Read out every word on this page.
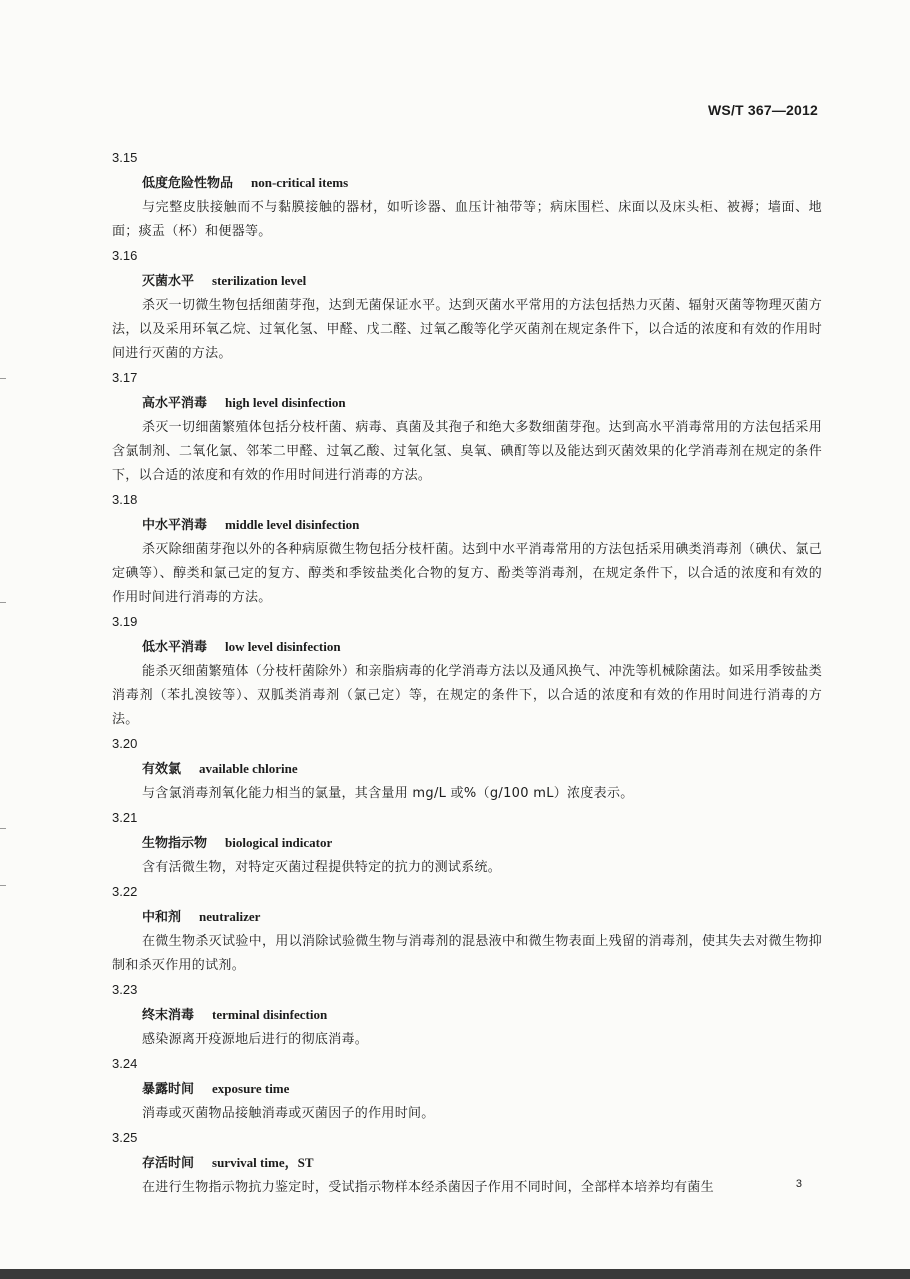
WS/T 367—2012
3.15
低度危险性物品 non-critical items

与完整皮肤接触而不与黏膜接触的器材，如听诊器、血压计袖带等；病床围栏、床面以及床头柜、被褥；墙面、地面；痰盂（杯）和便器等。

3.16
灭菌水平 sterilization level

杀灭一切微生物包括细菌芽孢，达到无菌保证水平。达到灭菌水平常用的方法包括热力灭菌、辐射灭菌等物理灭菌方法，以及采用环氧乙烷、过氧化氢、甲醛、戊二醛、过氧乙酸等化学灭菌剂在规定条件下，以合适的浓度和有效的作用时间进行灭菌的方法。

3.17
高水平消毒 high level disinfection

杀灭一切细菌繁殖体包括分枝杆菌、病毒、真菌及其孢子和绝大多数细菌芽孢。达到高水平消毒常用的方法包括采用含氯制剂、二氧化氯、邻苯二甲醛、过氧乙酸、过氧化氢、臭氧、碘酊等以及能达到灭菌效果的化学消毒剂在规定的条件下，以合适的浓度和有效的作用时间进行消毒的方法。

3.18
中水平消毒 middle level disinfection

杀灭除细菌芽孢以外的各种病原微生物包括分枝杆菌。达到中水平消毒常用的方法包括采用碘类消毒剂（碘伏、氯己定碘等）、醇类和氯己定的复方、醇类和季铵盐类化合物的复方、酚类等消毒剂，在规定条件下，以合适的浓度和有效的作用时间进行消毒的方法。

3.19
低水平消毒 low level disinfection

能杀灭细菌繁殖体（分枝杆菌除外）和亲脂病毒的化学消毒方法以及通风换气、冲洗等机械除菌法。如采用季铵盐类消毒剂（苯扎溴铵等）、双胍类消毒剂（氯己定）等，在规定的条件下，以合适的浓度和有效的作用时间进行消毒的方法。

3.20
有效氯 available chlorine

与含氯消毒剂氧化能力相当的氯量，其含量用 mg/L 或%（g/100 mL）浓度表示。

3.21
生物指示物 biological indicator

含有活微生物，对特定灭菌过程提供特定的抗力的测试系统。

3.22
中和剂 neutralizer

在微生物杀灭试验中，用以消除试验微生物与消毒剂的混悬液中和微生物表面上残留的消毒剂，使其失去对微生物抑制和杀灭作用的试剂。

3.23
终末消毒 terminal disinfection

感染源离开疫源地后进行的彻底消毒。

3.24
暴露时间 exposure time

消毒或灭菌物品接触消毒或灭菌因子的作用时间。

3.25
存活时间 survival time，ST

在进行生物指示物抗力鉴定时，受试指示物样本经杀菌因子作用不同时间，全部样本培养均有菌生	3
